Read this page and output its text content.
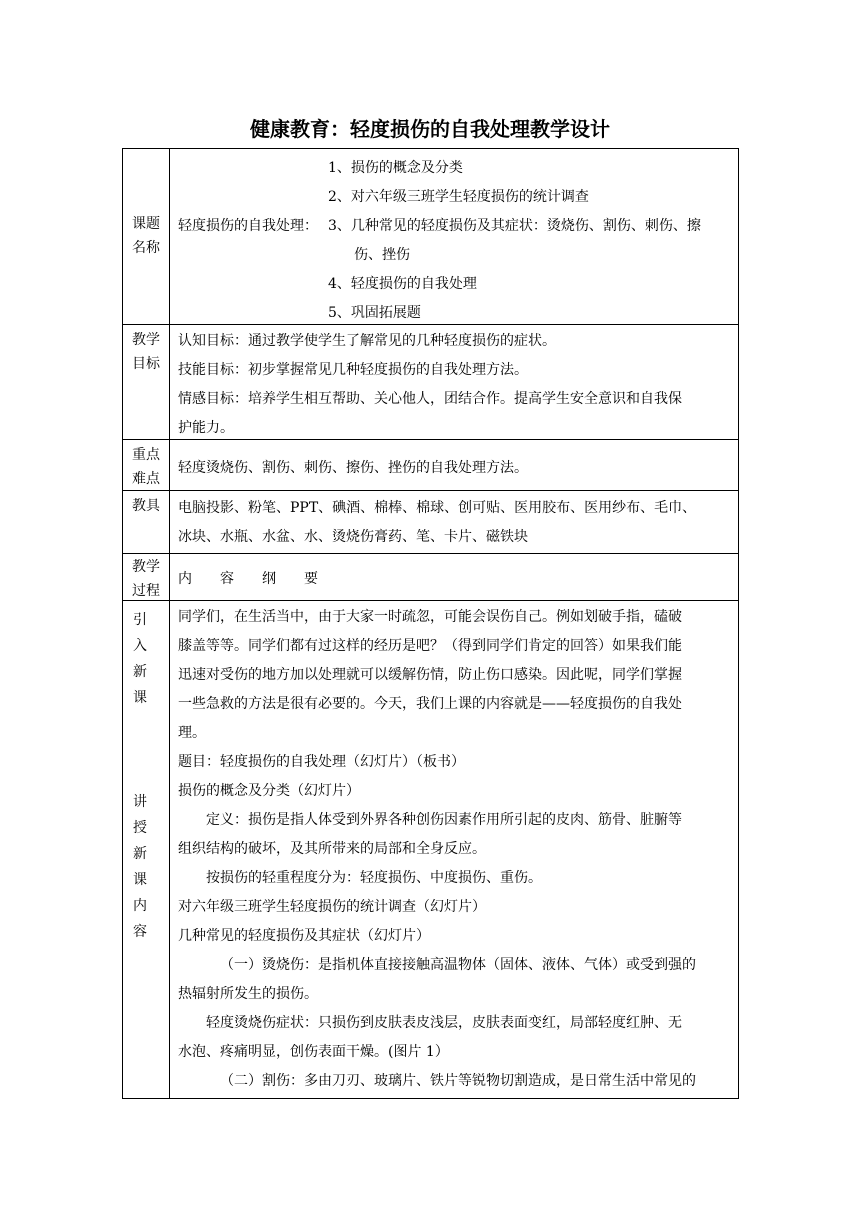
健康教育：轻度损伤的自我处理教学设计
课题
名称
轻度损伤的自我处理：
1、损伤的概念及分类
2、对六年级三班学生轻度损伤的统计调查
3、几种常见的轻度损伤及其症状：烫烧伤、割伤、刺伤、擦
伤、挫伤
4、轻度损伤的自我处理
5、巩固拓展题
教学
目标
认知目标：通过教学使学生了解常见的几种轻度损伤的症状。
技能目标：初步掌握常见几种轻度损伤的自我处理方法。
情感目标：培养学生相互帮助、关心他人，团结合作。提高学生安全意识和自我保
护能力。
重点
难点
轻度烫烧伤、割伤、刺伤、擦伤、挫伤的自我处理方法。
教具	电脑投影、粉笔、PPT、碘酒、棉棒、棉球、创可贴、医用胶布、医用纱布、毛巾、
冰块、水瓶、水盆、水、烫烧伤膏药、笔、卡片、磁铁块
教学
过程
内　　容　　纲　　要
引
入
新
课
讲
授
新
课
内
容
同学们，在生活当中，由于大家一时疏忽，可能会误伤自己。例如划破手指，磕破
膝盖等等。同学们都有过这样的经历是吧？（得到同学们肯定的回答）如果我们能
迅速对受伤的地方加以处理就可以缓解伤情，防止伤口感染。因此呢，同学们掌握
一些急救的方法是很有必要的。今天，我们上课的内容就是——轻度损伤的自我处
理。
题目：轻度损伤的自我处理（幻灯片）（板书）
损伤的概念及分类（幻灯片）
定义：损伤是指人体受到外界各种创伤因素作用所引起的皮肉、筋骨、脏腑等
组织结构的破坏，及其所带来的局部和全身反应。
按损伤的轻重程度分为：轻度损伤、中度损伤、重伤。
对六年级三班学生轻度损伤的统计调查（幻灯片）
几种常见的轻度损伤及其症状（幻灯片）
（一）烫烧伤：是指机体直接接触高温物体（固体、液体、气体）或受到强的
热辐射所发生的损伤。
轻度烫烧伤症状：只损伤到皮肤表皮浅层，皮肤表面变红，局部轻度红肿、无
水泡、疼痛明显，创伤表面干燥。(图片 1）
（二）割伤：多由刀刃、玻璃片、铁片等锐物切割造成，是日常生活中常见的
